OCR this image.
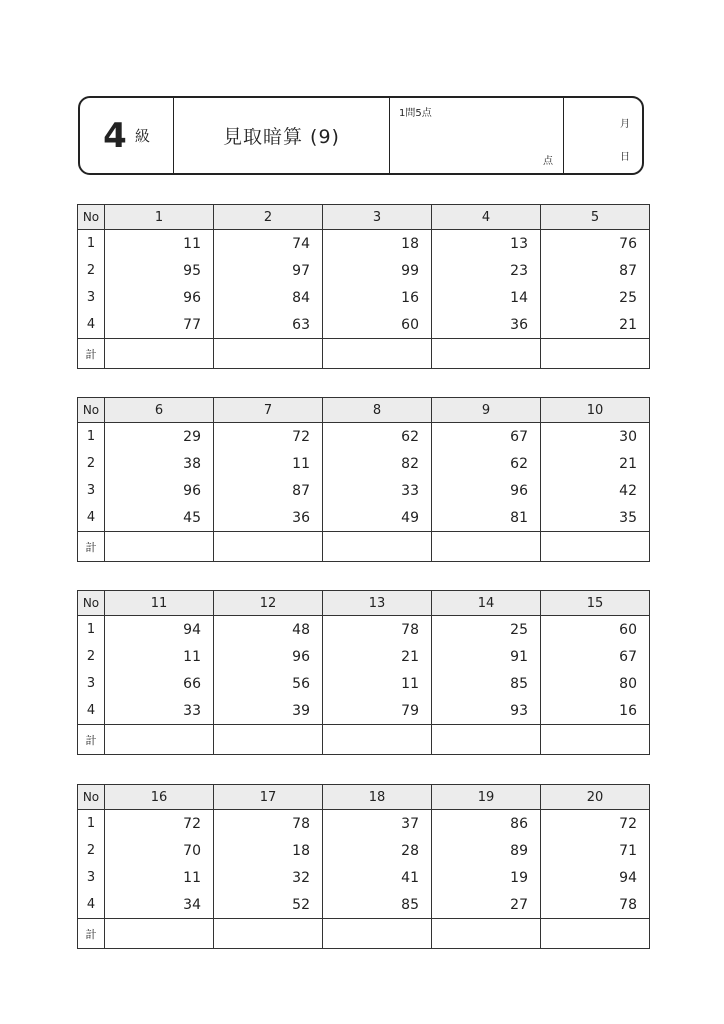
4 級	見取暗算 (9)
1問5点
点
月
日
No	1	2	3	4	5
1	11	74	18	13	76
2	95	97	99	23	87
3	96	84	16	14	25
4	77	63	60	36	21
計					
No	6	7	8	9	10
1	29	72	62	67	30
2	38	11	82	62	21
3	96	87	33	96	42
4	45	36	49	81	35
計					
No	11	12	13	14	15
1	94	48	78	25	60
2	11	96	21	91	67
3	66	56	11	85	80
4	33	39	79	93	16
計					
No	16	17	18	19	20
1	72	78	37	86	72
2	70	18	28	89	71
3	11	32	41	19	94
4	34	52	85	27	78
計					
